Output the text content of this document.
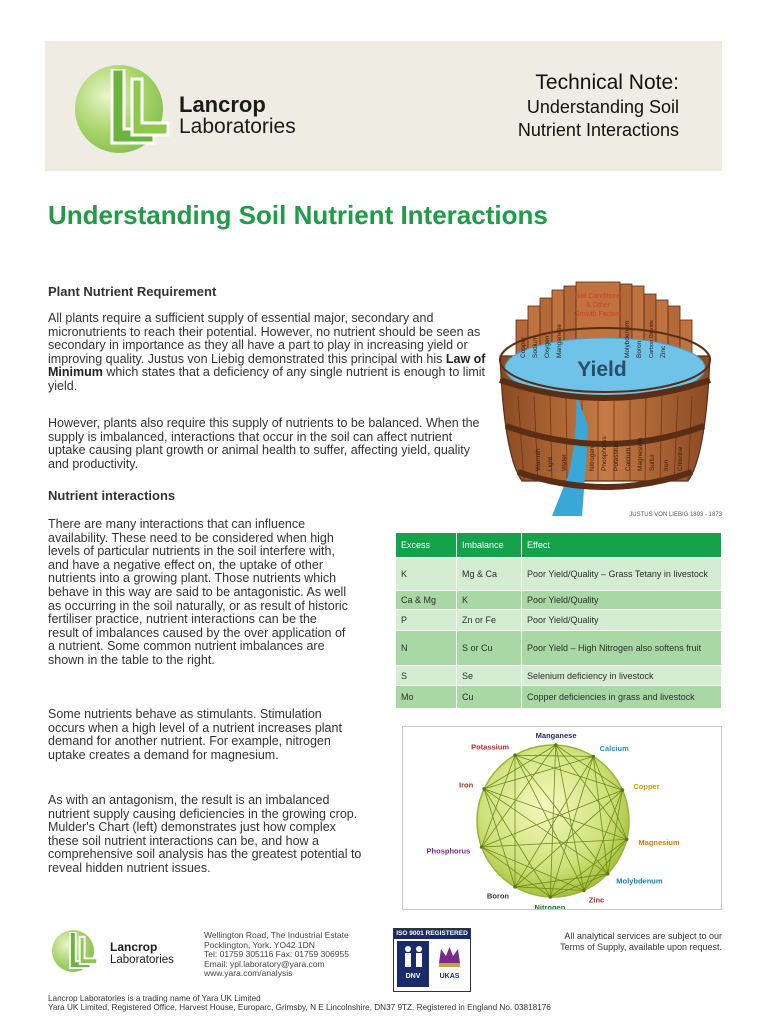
Lancrop
Laboratories
Technical Note:
Understanding Soil
Nutrient Interactions
Understanding Soil Nutrient Interactions
Plant Nutrient Requirement
All plants require a sufficient supply of essential major, secondary and micronutrients to reach their potential. However, no nutrient should be seen as secondary in importance as they all have a part to play in increasing yield or improving quality. Justus von Liebig demonstrated this principal with his Law of Minimum which states that a deficiency of any single nutrient is enough to limit yield.
However, plants also require this supply of nutrients to be balanced. When the supply is imbalanced, interactions that occur in the soil can affect nutrient uptake causing plant growth or animal health to suffer, affecting yield, quality and productivity.
Nutrient interactions
There are many interactions that can influence availability. These need to be considered when high levels of particular nutrients in the soil interfere with, and have a negative effect on, the uptake of other nutrients into a growing plant. Those nutrients which behave in this way are said to be antagonistic. As well as occurring in the soil naturally, or as result of historic fertiliser practice, nutrient interactions can be the result of imbalances caused by the over application of a nutrient. Some common nutrient imbalances are shown in the table to the right.
Some nutrients behave as stimulants. Stimulation occurs when a high level of a nutrient increases plant demand for another nutrient. For example, nitrogen uptake creates a demand for magnesium.
As with an antagonism, the result is an imbalanced nutrient supply causing deficiencies in the growing crop. Mulder's Chart (left) demonstrates just how complex these soil nutrient interactions can be, and how a comprehensive soil analysis has the greatest potential to reveal hidden nutrient issues.
Copper Sodium Oxygen Manganese	Molybdenum Boron Carbon Dioxide Zinc
Soil Conditions
& Other
Growth Factors
Yield
Warmth Light Water	Nitrogen Phosphorus Potassium Calcium Magnesium Sulfur Iron Chlorine
JUSTUS VON LIEBIG 1803 - 1873
Excess	Imbalance	Effect
K	Mg & Ca	Poor Yield/Quality – Grass Tetany in livestock
Ca & Mg	K	Poor Yield/Quality
P	Zn or Fe	Poor Yield/Quality
N	S or Cu	Poor Yield – High Nitrogen also softens fruit
S	Se	Selenium deficiency in livestock
Mo	Cu	Copper deficiencies in grass and livestock
Manganese
Calcium
Copper
Magnesium
Molybdenum
Zinc
Nitrogen
Boron
Phosphorus
Iron
Potassium
Lancrop
Laboratories
Wellington Road, The Industrial Estate
Pocklington, York. YO42 1DN
Tel: 01759 305116 Fax: 01759 306955
Email: ypl.laboratory@yara.com
www.yara.com/analysis
ISO 9001 REGISTERED
DNV	UKAS
All analytical services are subject to our
Terms of Supply, available upon request.
Lancrop Laboratories is a trading name of Yara UK Limited
Yara UK Limited, Registered Office, Harvest House, Europarc, Grimsby, N E Lincolnshire, DN37 9TZ. Registered in England No. 03818176
